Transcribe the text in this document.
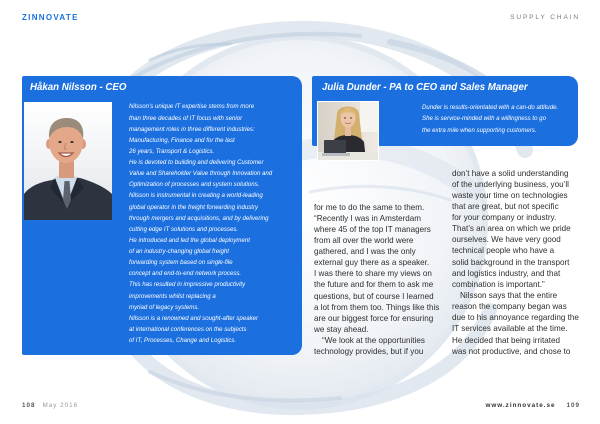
ZINNOVATE	SUPPLY CHAIN
Håkan Nilsson - CEO
Nilsson’s unique IT expertise stems from more
than three decades of IT focus with senior
management roles in three different industries:
Manufacturing, Finance and for the last
26 years, Transport & Logistics.
He is devoted to building and delivering Customer
Value and Shareholder Value through Innovation and
Optimization of processes and system solutions.
Nilsson is instrumental in creating a world-leading
global operator in the freight forwarding industry
through mergers and acquisitions, and by delivering
cutting edge IT solutions and processes.
He introduced and led the global deployment
of an industry-changing global freight
forwarding system based on single-file
concept and end-to-end network process.
This has resulted in impressive productivity
improvements whilst replacing a
myriad of legacy systems.
Nilsson is a renowned and sought-after speaker
at international conferences on the subjects
of IT, Processes, Change and Logistics.
Julia Dunder - PA to CEO and Sales Manager
Dunder is results-orientated with a can-do attitude.
She is service-minded with a willingness to go
the extra mile when supporting customers.
for me to do the same to them.
“Recently I was in Amsterdam
where 45 of the top IT managers
from all over the world were
gathered, and I was the only
external guy there as a speaker.
I was there to share my views on
the future and for them to ask me
questions, but of course I learned
a lot from them too. Things like this
are our biggest force for ensuring
we stay ahead.
“We look at the opportunities
technology provides, but if you
don’t have a solid understanding
of the underlying business, you’ll
waste your time on technologies
that are great, but not specific
for your company or industry.
That’s an area on which we pride
ourselves. We have very good
technical people who have a
solid background in the transport
and logistics industry, and that
combination is important.”
Nilsson says that the entire
reason the company began was
due to his annoyance regarding the
IT services available at the time.
He decided that being irritated
was not productive, and chose to
108 May 2016	www.zinnovate.se 109
